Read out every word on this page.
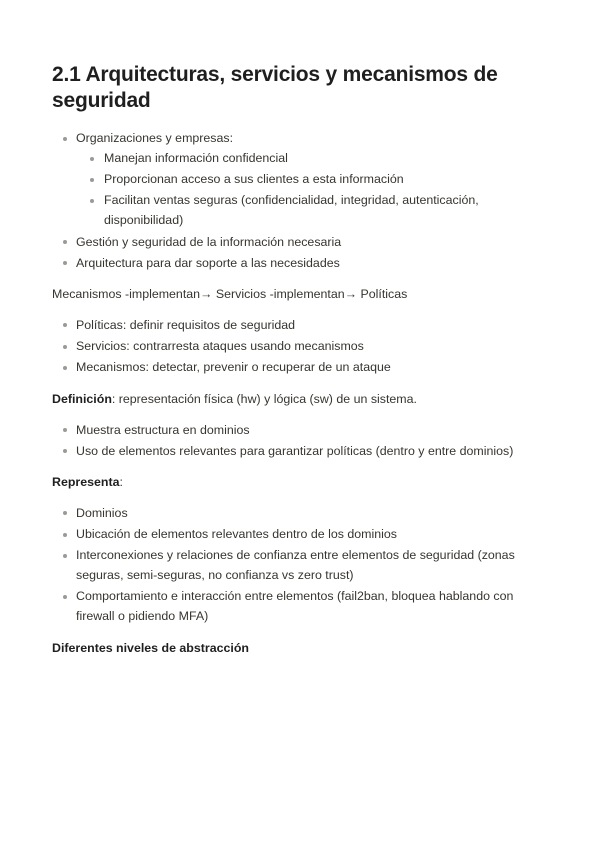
2.1 Arquitecturas, servicios y mecanismos de seguridad
Organizaciones y empresas:
Manejan información confidencial
Proporcionan acceso a sus clientes a esta información
Facilitan ventas seguras (confidencialidad, integridad, autenticación, disponibilidad)
Gestión y seguridad de la información necesaria
Arquitectura para dar soporte a las necesidades

Mecanismos -implementan→ Servicios -implementan→ Políticas

Políticas: definir requisitos de seguridad
Servicios: contrarresta ataques usando mecanismos
Mecanismos: detectar, prevenir o recuperar de un ataque

Definición: representación física (hw) y lógica (sw) de un sistema.

Muestra estructura en dominios
Uso de elementos relevantes para garantizar políticas (dentro y entre dominios)

Representa:

Dominios
Ubicación de elementos relevantes dentro de los dominios
Interconexiones y relaciones de confianza entre elementos de seguridad (zonas seguras, semi-seguras, no confianza vs zero trust)
Comportamiento e interacción entre elementos (fail2ban, bloquea hablando con firewall o pidiendo MFA)

Diferentes niveles de abstracción
